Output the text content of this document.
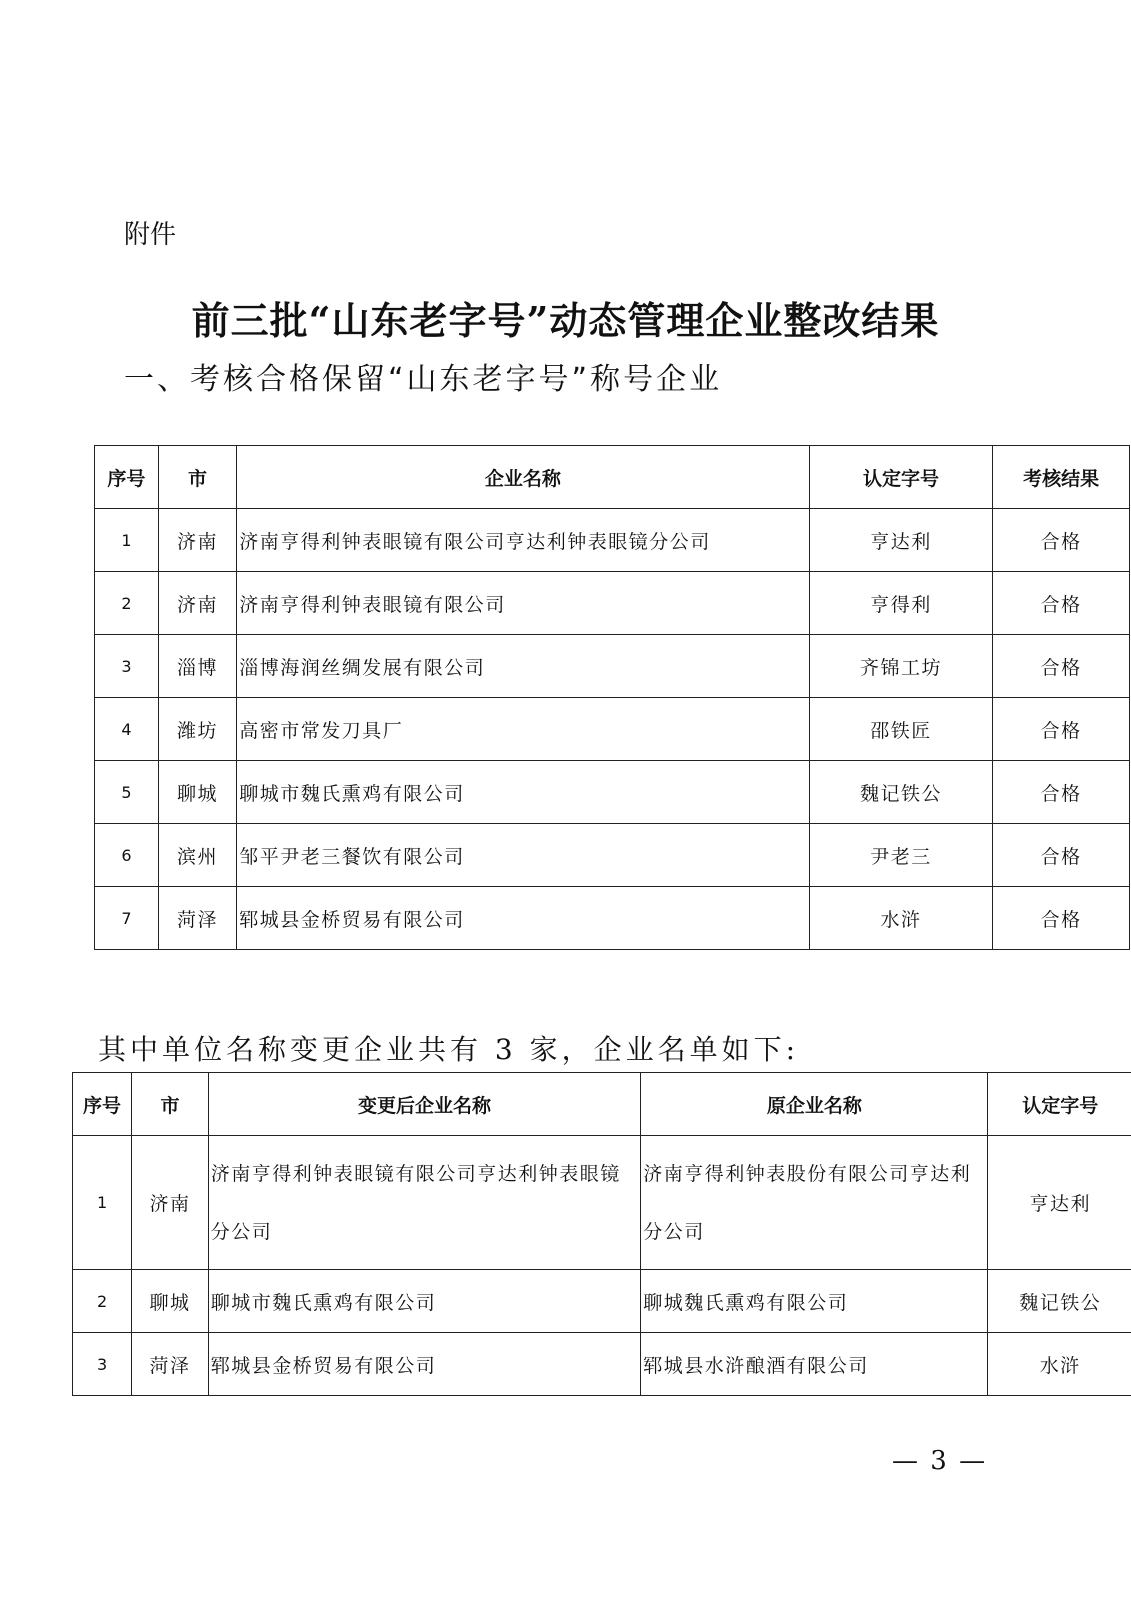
附件
前三批“山东老字号”动态管理企业整改结果
一、考核合格保留“山东老字号”称号企业
序号	市	企业名称	认定字号	考核结果
1	济南	济南亨得利钟表眼镜有限公司亨达利钟表眼镜分公司	亨达利	合格
2	济南	济南亨得利钟表眼镜有限公司	亨得利	合格
3	淄博	淄博海润丝绸发展有限公司	齐锦工坊	合格
4	潍坊	高密市常发刀具厂	邵铁匠	合格
5	聊城	聊城市魏氏熏鸡有限公司	魏记铁公	合格
6	滨州	邹平尹老三餐饮有限公司	尹老三	合格
7	菏泽	郓城县金桥贸易有限公司	水浒	合格
其中单位名称变更企业共有 3 家，企业名单如下:
序号	市	变更后企业名称	原企业名称	认定字号
1	济南	济南亨得利钟表眼镜有限公司亨达利钟表眼镜分公司	济南亨得利钟表股份有限公司亨达利分公司	亨达利
2	聊城	聊城市魏氏熏鸡有限公司	聊城魏氏熏鸡有限公司	魏记铁公
3	菏泽	郓城县金桥贸易有限公司	郓城县水浒酿酒有限公司	水浒
— 3 —
